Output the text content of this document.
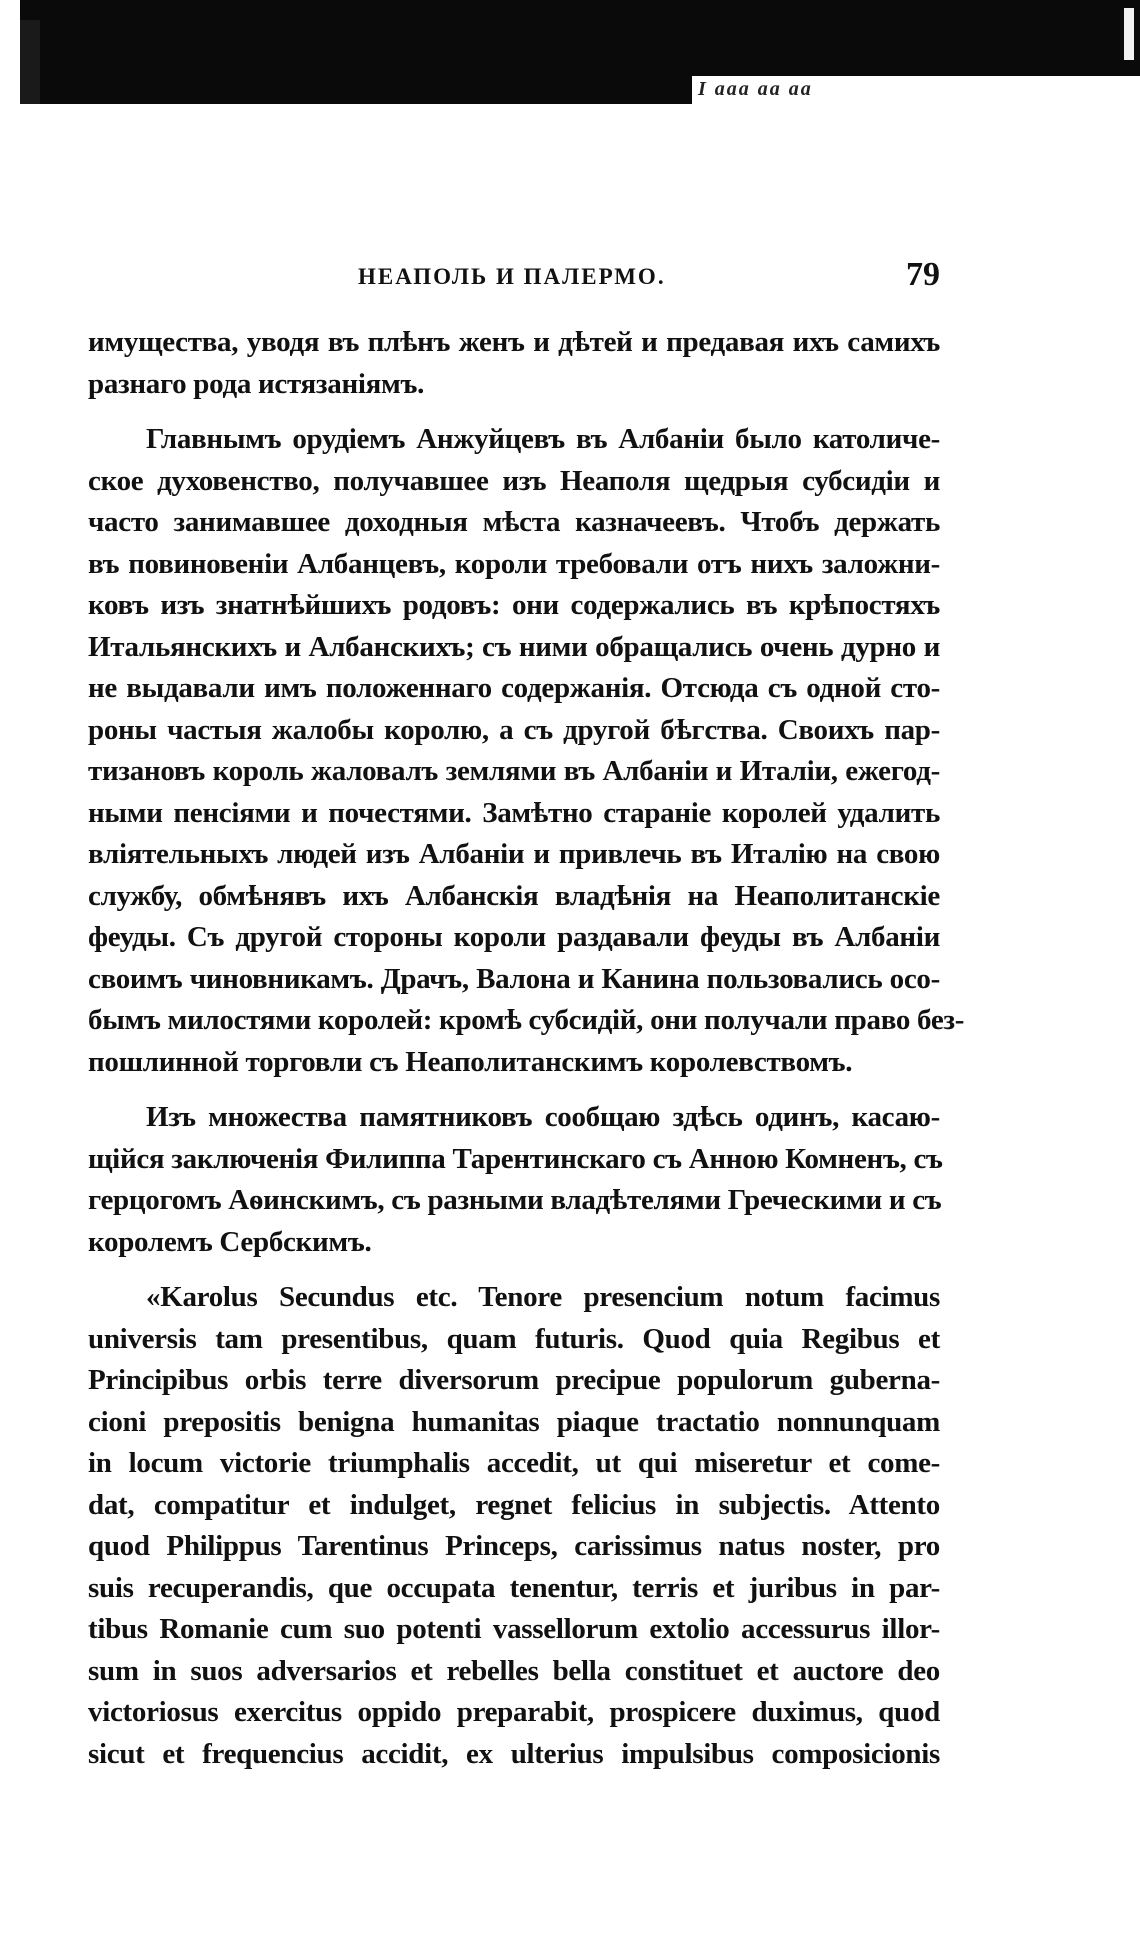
I ааа аа аа
НЕАПОЛЬ И ПАЛЕРМО.	79
имущества, уводя въ плѣнъ женъ и дѣтей и предавая ихъ самихъ
разнаго рода истязаніямъ.
Главнымъ орудіемъ Анжуйцевъ въ Албаніи было католиче-
ское духовенство, получавшее изъ Неаполя щедрыя субсидіи и
часто занимавшее доходныя мѣста казначеевъ. Чтобъ держать
въ повиновеніи Албанцевъ, короли требовали отъ нихъ заложни-
ковъ изъ знатнѣйшихъ родовъ: они содержались въ крѣпостяхъ
Итальянскихъ и Албанскихъ; съ ними обращались очень дурно и
не выдавали имъ положеннаго содержанія. Отсюда съ одной сто-
роны частыя жалобы королю, а съ другой бѣгства. Своихъ пар-
тизановъ король жаловалъ землями въ Албаніи и Италіи, ежегод-
ными пенсіями и почестями. Замѣтно стараніе королей удалить
вліятельныхъ людей изъ Албаніи и привлечь въ Италію на свою
службу, обмѣнявъ ихъ Албанскія владѣнія на Неаполитанскіе
феуды. Съ другой стороны короли раздавали феуды въ Албаніи
своимъ чиновникамъ. Драчъ, Валона и Канина пользовались осо-
бымъ милостями королей: кромѣ субсидій, они получали право без-
пошлинной торговли съ Неаполитанскимъ королевствомъ.
Изъ множества памятниковъ сообщаю здѣсь одинъ, касаю-
щійся заключенія Филиппа Тарентинскаго съ Анною Комненъ, съ
герцогомъ Аѳинскимъ, съ разными владѣтелями Греческими и съ
королемъ Сербскимъ.
«Karolus Secundus etc. Tenore presencium notum facimus
universis tam presentibus, quam futuris. Quod quia Regibus et
Principibus orbis terre diversorum precipue populorum guberna-
cioni prepositis benigna humanitas piaque tractatio nonnunquam
in locum victorie triumphalis accedit, ut qui miseretur et come-
dat, compatitur et indulget, regnet felicius in subjectis. Attento
quod Philippus Tarentinus Princeps, carissimus natus noster, pro
suis recuperandis, que occupata tenentur, terris et juribus in par-
tibus Romanie cum suo potenti vassellorum extolio accessurus illor-
sum in suos adversarios et rebelles bella constituet et auctore deo
victoriosus exercitus oppido preparabit, prospicere duximus, quod
sicut et frequencius accidit, ex ulterius impulsibus composicionis
